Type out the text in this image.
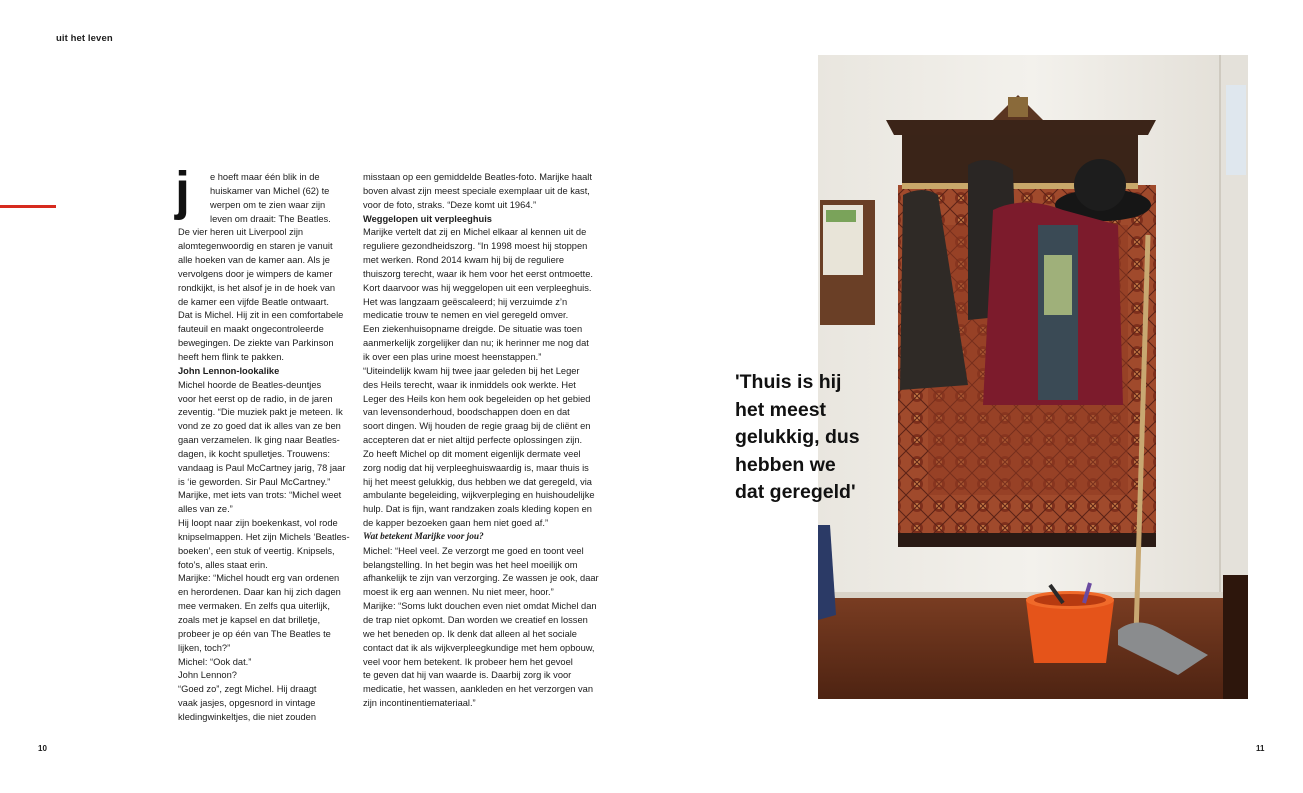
uit het leven
j	e hoeft maar één blik in de

huiskamer van Michel (62) te

werpen om te zien waar zijn

leven om draait: The Beatles.

De vier heren uit Liverpool zijn

alomtegenwoordig en staren je vanuit

alle hoeken van de kamer aan. Als je

vervolgens door je wimpers de kamer

rondkijkt, is het alsof je in de hoek van

de kamer een vijfde Beatle ontwaart.

Dat is Michel. Hij zit in een comfortabele

fauteuil en maakt ongecontroleerde

bewegingen. De ziekte van Parkinson

heeft hem flink te pakken.

John Lennon-lookalike

Michel hoorde de Beatles-deuntjes

voor het eerst op de radio, in de jaren

zeventig. “Die muziek pakt je meteen. Ik

vond ze zo goed dat ik alles van ze ben

gaan verzamelen. Ik ging naar Beatles-

dagen, ik kocht spulletjes. Trouwens:

vandaag is Paul McCartney jarig, 78 jaar

is ‘ie geworden. Sir Paul McCartney.”

Marijke, met iets van trots: “Michel weet

alles van ze.”

Hij loopt naar zijn boekenkast, vol rode

knipselmappen. Het zijn Michels ‘Beatles-

boeken’, een stuk of veertig. Knipsels,

foto’s, alles staat erin.

Marijke: “Michel houdt erg van ordenen

en herordenen. Daar kan hij zich dagen

mee vermaken. En zelfs qua uiterlijk,

zoals met je kapsel en dat brilletje,

probeer je op één van The Beatles te

lijken, toch?”

Michel: “Ook dat.”

John Lennon?

“Goed zo”, zegt Michel. Hij draagt

vaak jasjes, opgesnord in vintage

kledingwinkeltjes, die niet zouden

misstaan op een gemiddelde Beatles-foto. Marijke haalt

boven alvast zijn meest speciale exemplaar uit de kast,

voor de foto, straks. “Deze komt uit 1964.”

Weggelopen uit verpleeghuis

Marijke vertelt dat zij en Michel elkaar al kennen uit de

reguliere gezondheidszorg. “In 1998 moest hij stoppen

met werken. Rond 2014 kwam hij bij de reguliere

thuiszorg terecht, waar ik hem voor het eerst ontmoette.

Kort daarvoor was hij weggelopen uit een verpleeghuis.

Het was langzaam geëscaleerd; hij verzuimde z’n

medicatie trouw te nemen en viel geregeld omver.

Een ziekenhuisopname dreigde. De situatie was toen

aanmerkelijk zorgelijker dan nu; ik herinner me nog dat

ik over een plas urine moest heenstappen.”

“Uiteindelijk kwam hij twee jaar geleden bij het Leger

des Heils terecht, waar ik inmiddels ook werkte. Het

Leger des Heils kon hem ook begeleiden op het gebied

van levensonderhoud, boodschappen doen en dat

soort dingen. Wij houden de regie graag bij de cliënt en

accepteren dat er niet altijd perfecte oplossingen zijn.

Zo heeft Michel op dit moment eigenlijk dermate veel

zorg nodig dat hij verpleeghuiswaardig is, maar thuis is

hij het meest gelukkig, dus hebben we dat geregeld, via

ambulante begeleiding, wijkverpleging en huishoudelijke

hulp. Dat is fijn, want randzaken zoals kleding kopen en

de kapper bezoeken gaan hem niet goed af.”

Wat betekent Marijke voor jou?

Michel: “Heel veel. Ze verzorgt me goed en toont veel

belangstelling. In het begin was het heel moeilijk om

afhankelijk te zijn van verzorging. Ze wassen je ook, daar

moest ik erg aan wennen. Nu niet meer, hoor.”

Marijke: “Soms lukt douchen even niet omdat Michel dan

de trap niet opkomt. Dan worden we creatief en lossen

we het beneden op. Ik denk dat alleen al het sociale

contact dat ik als wijkverpleegkundige met hem opbouw,

veel voor hem betekent. Ik probeer hem het gevoel

te geven dat hij van waarde is. Daarbij zorg ik voor

medicatie, het wassen, aankleden en het verzorgen van

zijn incontinentiemateriaal.”

10	11
'Thuis is hij
het meest
gelukkig, dus
hebben we
dat geregeld'
